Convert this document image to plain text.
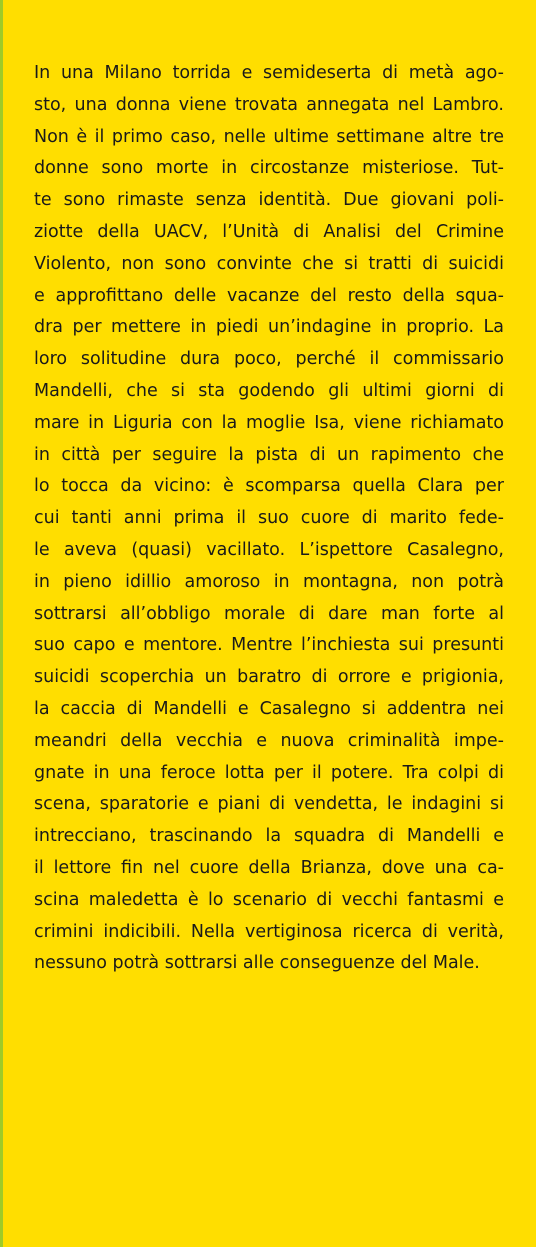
In una Milano torrida e semideserta di metà ago-
sto, una donna viene trovata annegata nel Lambro.
Non è il primo caso, nelle ultime settimane altre tre
donne sono morte in circostanze misteriose. Tut-
te sono rimaste senza identità. Due giovani poli-
ziotte della UACV, l’Unità di Analisi del Crimine
Violento, non sono convinte che si tratti di suicidi
e approfittano delle vacanze del resto della squa-
dra per mettere in piedi un’indagine in proprio. La
loro solitudine dura poco, perché il commissario
Mandelli, che si sta godendo gli ultimi giorni di
mare in Liguria con la moglie Isa, viene richiamato
in città per seguire la pista di un rapimento che
lo tocca da vicino: è scomparsa quella Clara per
cui tanti anni prima il suo cuore di marito fede-
le aveva (quasi) vacillato. L’ispettore Casalegno,
in pieno idillio amoroso in montagna, non potrà
sottrarsi all’obbligo morale di dare man forte al
suo capo e mentore. Mentre l’inchiesta sui presunti
suicidi scoperchia un baratro di orrore e prigionia,
la caccia di Mandelli e Casalegno si addentra nei
meandri della vecchia e nuova criminalità impe-
gnate in una feroce lotta per il potere. Tra colpi di
scena, sparatorie e piani di vendetta, le indagini si
intrecciano, trascinando la squadra di Mandelli e
il lettore fin nel cuore della Brianza, dove una ca-
scina maledetta è lo scenario di vecchi fantasmi e
crimini indicibili. Nella vertiginosa ricerca di verità,
nessuno potrà sottrarsi alle conseguenze del Male.
